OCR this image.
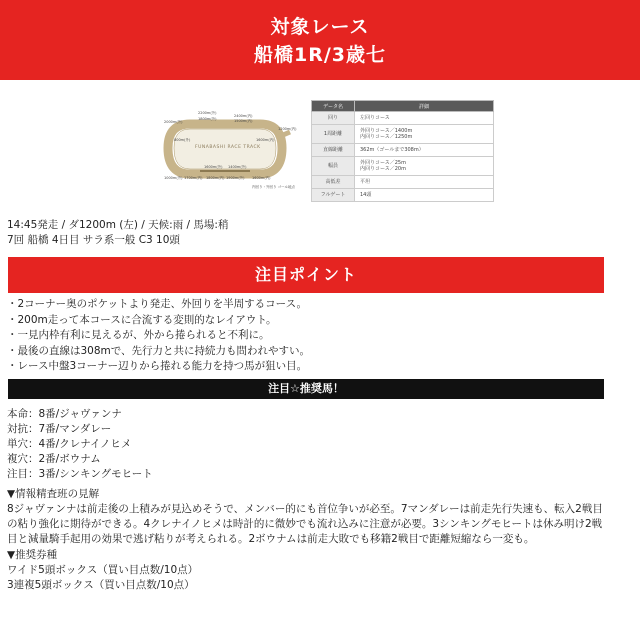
対象レース
船橋1R/3歳七
FUNABASHI RACE TRACK
2200m(外)
2000m(外)
1800m(外)
2400m(内)
1500m(内)
1200m(内)
1600m(外) 1400m(外)
1000m(外) 1700m(内) 1800m(内) 1900m(外) 1600m(内)
800m(外)	1600m(内)
内回り・外回り ゴール地点
データ名	詳細
回り	左回りコース

1周距離	外回りコース／1400m
内回りコース／1250m

直線距離	362m（ゴールまで308m）

幅員	外回りコース／25m
内回りコース／20m

高低差	平坦

フルゲート	14頭
14:45発走 / ダ1200m (左) / 天候:雨 / 馬場:稍
7回 船橋 4日目 サラ系一般 C3 10頭
注目ポイント
・2コーナー奥のポケットより発走、外回りを半周するコース。
・200m走って本コースに合流する変則的なレイアウト。
・一見内枠有利に見えるが、外から捲られると不利に。
・最後の直線は308mで、先行力と共に持続力も問われやすい。
・レース中盤3コーナー辺りから捲れる能力を持つ馬が狙い目。
注目☆推奨馬！
本命：8番/ジャヴァンナ
対抗：7番/マンダレー
単穴：4番/クレナイノヒメ
複穴：2番/ボウナム
注目：3番/シンキングモヒート
▼情報精査班の見解
8ジャヴァンナは前走後の上積みが見込めそうで、メンバー的にも首位争いが必至。7マンダレーは前走先行失速も、転入2戦目の粘り強化に期待ができる。4クレナイノヒメは時計的に微妙でも流れ込みに注意が必要。3シンキングモヒートは休み明け2戦目と減量騎手起用の効果で逃げ粘りが考えられる。2ボウナムは前走大敗でも移籍2戦目で距離短縮なら一変も。
▼推奨券種
ワイド5頭ボックス（買い目点数/10点）
3連複5頭ボックス（買い目点数/10点）
